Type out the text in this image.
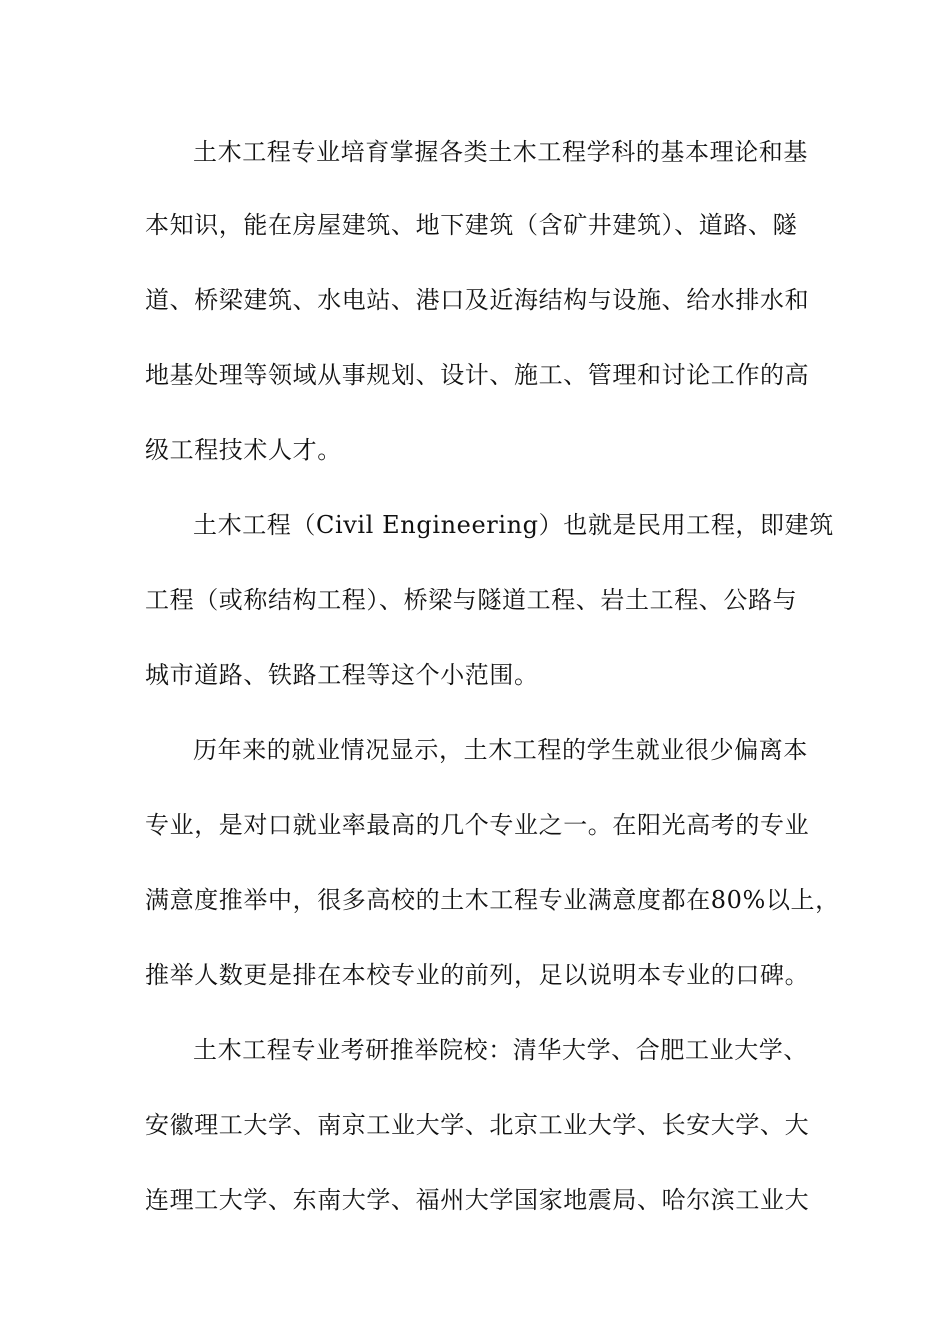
土木工程专业培育掌握各类土木工程学科的基本理论和基
本知识，能在房屋建筑、地下建筑（含矿井建筑）、道路、隧
道、桥梁建筑、水电站、港口及近海结构与设施、给水排水和
地基处理等领域从事规划、设计、施工、管理和讨论工作的高
级工程技术人才。
土木工程（Civil Engineering）也就是民用工程，即建筑
工程（或称结构工程）、桥梁与隧道工程、岩土工程、公路与
城市道路、铁路工程等这个小范围。
历年来的就业情况显示，土木工程的学生就业很少偏离本
专业，是对口就业率最高的几个专业之一。在阳光高考的专业
满意度推举中，很多高校的土木工程专业满意度都在80%以上，
推举人数更是排在本校专业的前列，足以说明本专业的口碑。
土木工程专业考研推举院校：清华大学、合肥工业大学、
安徽理工大学、南京工业大学、北京工业大学、长安大学、大
连理工大学、东南大学、福州大学国家地震局、哈尔滨工业大
